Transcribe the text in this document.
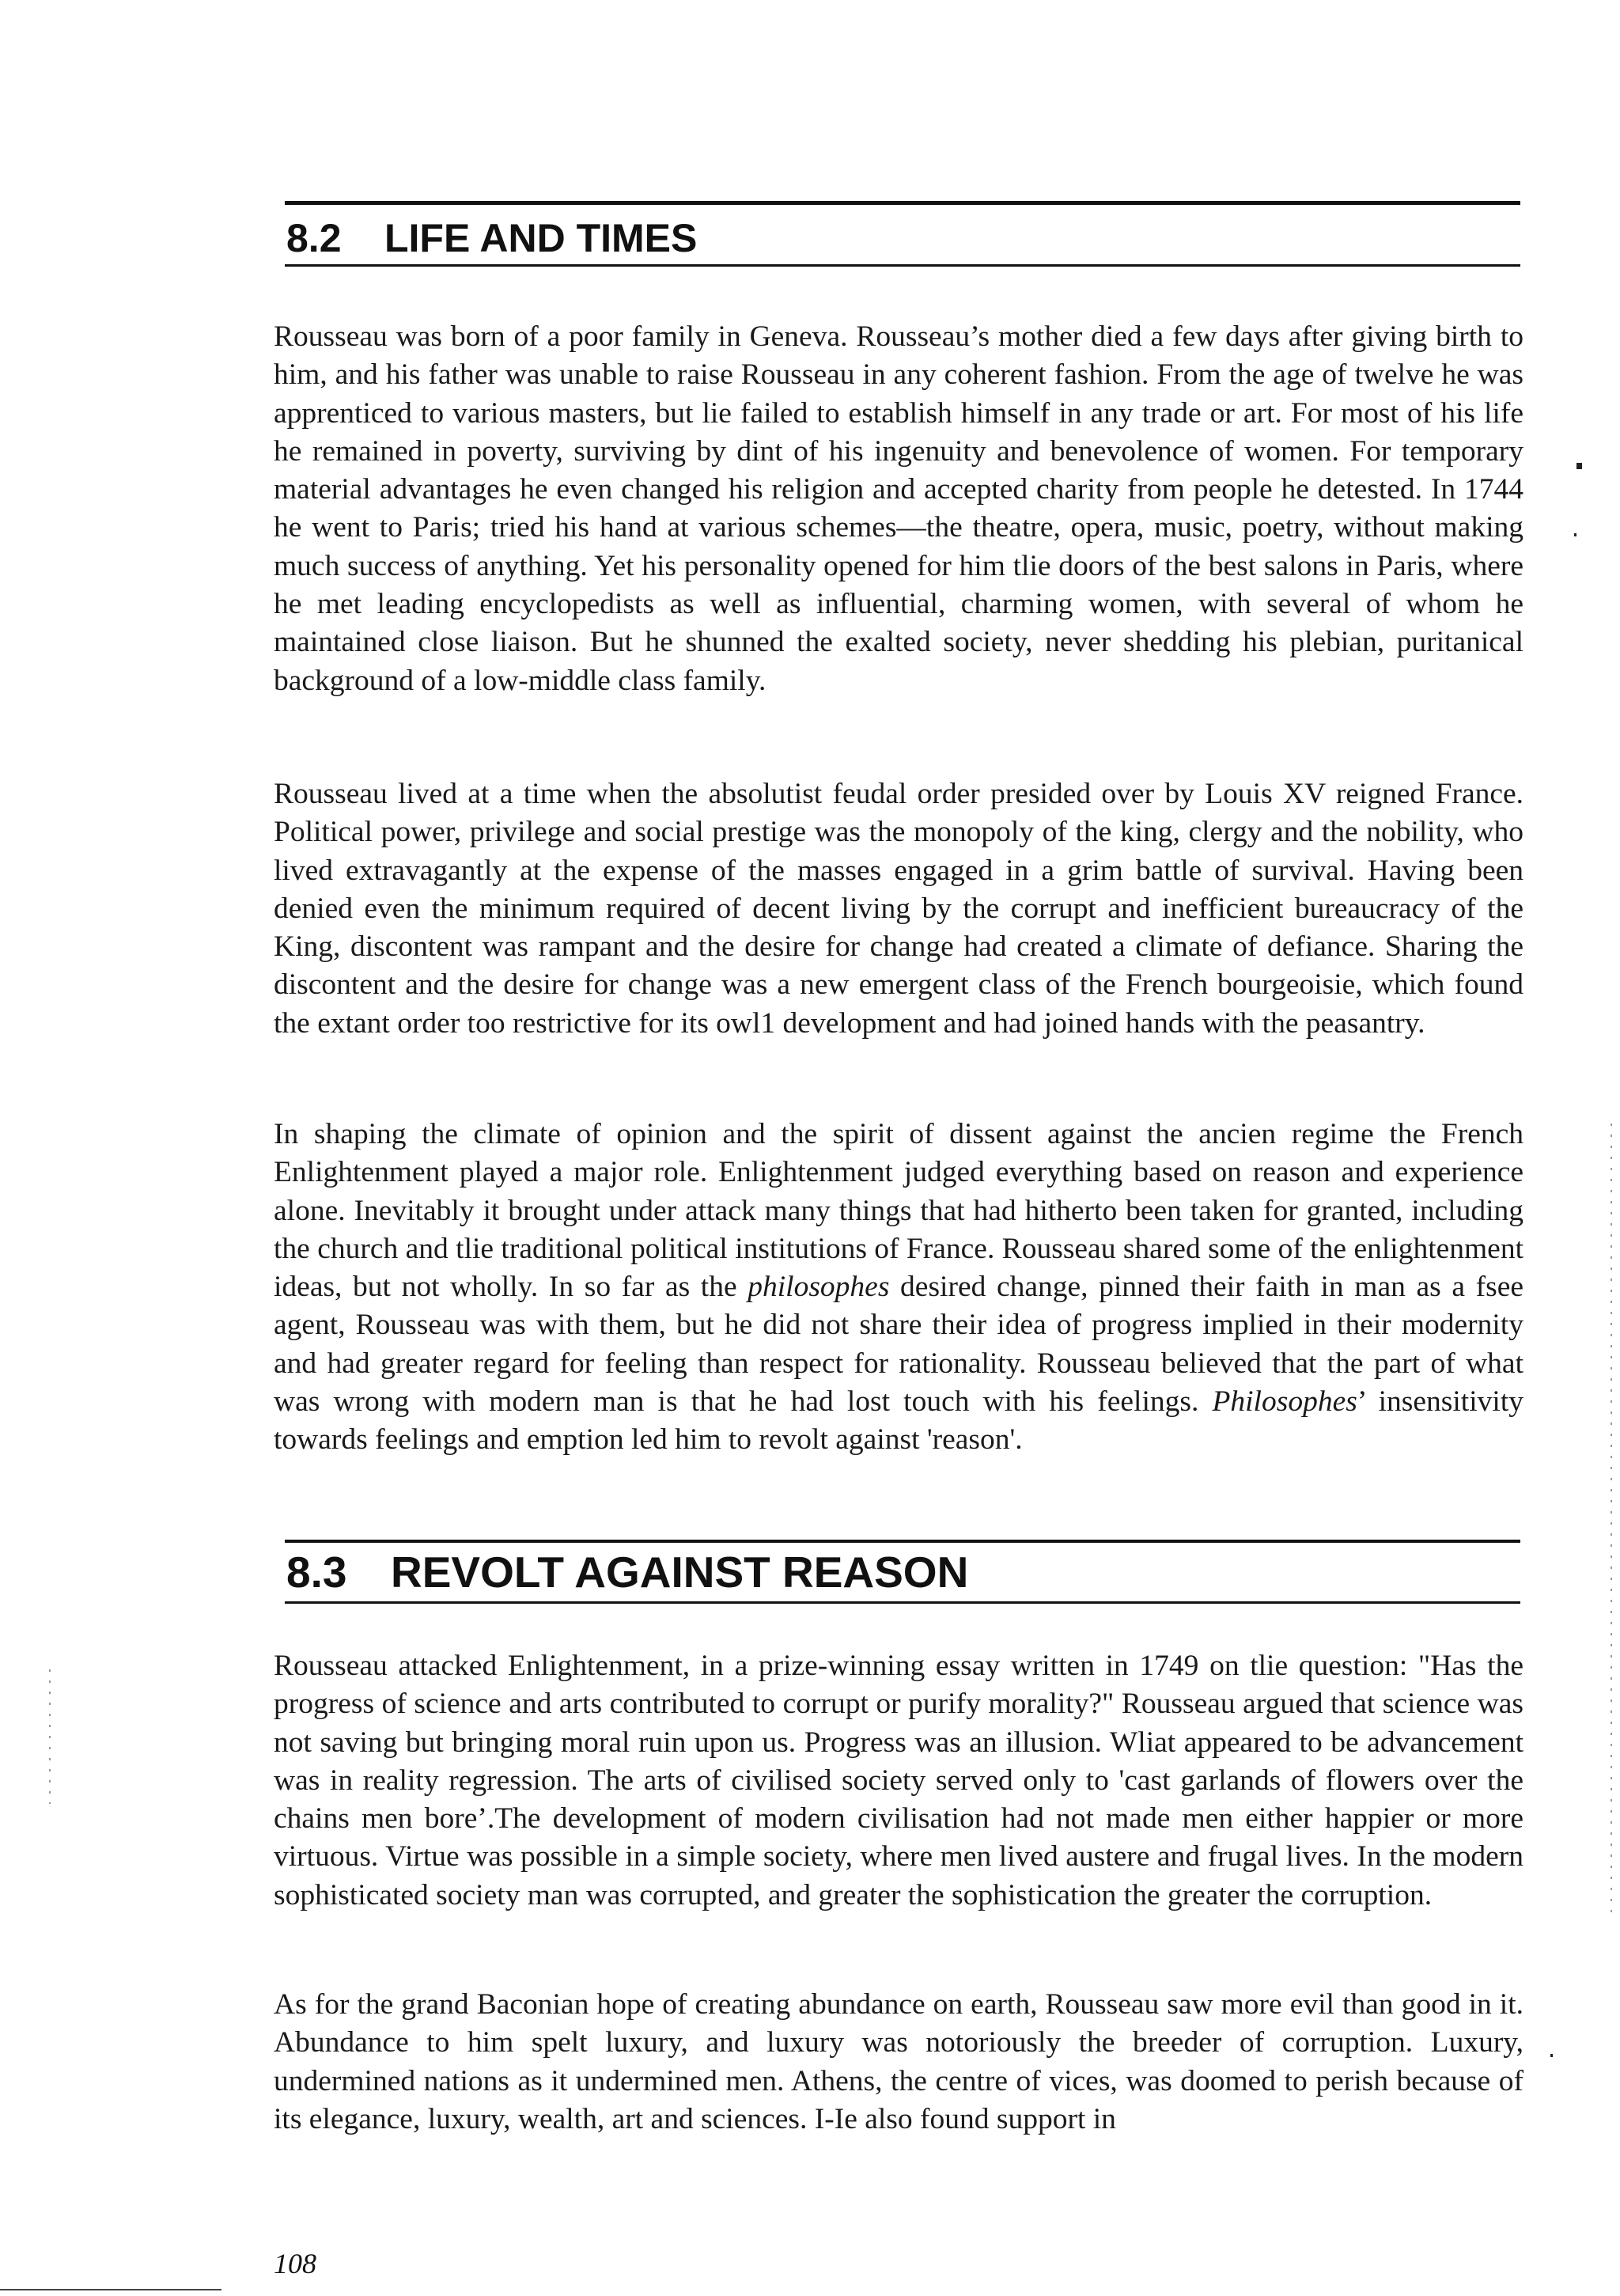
8.2 LIFE AND TIMES

Rousseau was born of a poor family in Geneva. Rousseau’s mother died a few days after giving birth to him, and his father was unable to raise Rousseau in any coherent fashion. From the age of twelve he was apprenticed to various masters, but lie failed to establish himself in any trade or art. For most of his life he remained in poverty, surviving by dint of his ingenuity and benevolence of women. For temporary material advantages he even changed his religion and accepted charity from people he detested. In 1744 he went to Paris; tried his hand at various schemes—the theatre, opera, music, poetry, without making much success of anything. Yet his personality opened for him tlie doors of the best salons in Paris, where he met leading encyclopedists as well as influential, charming women, with several of whom he maintained close liaison. But he shunned the exalted society, never shedding his plebian, puritanical background of a low-middle class family.

Rousseau lived at a time when the absolutist feudal order presided over by Louis XV reigned France. Political power, privilege and social prestige was the monopoly of the king, clergy and the nobility, who lived extravagantly at the expense of the masses engaged in a grim battle of survival. Having been denied even the minimum required of decent living by the corrupt and inefficient bureaucracy of the King, discontent was rampant and the desire for change had created a climate of defiance. Sharing the discontent and the desire for change was a new emergent class of the French bourgeoisie, which found the extant order too restrictive for its owl1 development and had joined hands with the peasantry.

In shaping the climate of opinion and the spirit of dissent against the ancien regime the French Enlightenment played a major role. Enlightenment judged everything based on reason and experience alone. Inevitably it brought under attack many things that had hitherto been taken for granted, including the church and tlie traditional political institutions of France. Rousseau shared some of the enlightenment ideas, but not wholly. In so far as the philosophes desired change, pinned their faith in man as a fsee agent, Rousseau was with them, but he did not share their idea of progress implied in their modernity and had greater regard for feeling than respect for rationality. Rousseau believed that the part of what was wrong with modern man is that he had lost touch with his feelings. Philosophes’ insensitivity towards feelings and emption led him to revolt against 'reason'.

8.3 REVOLT AGAINST REASON

Rousseau attacked Enlightenment, in a prize-winning essay written in 1749 on tlie question: "Has the progress of science and arts contributed to corrupt or purify morality?" Rousseau argued that science was not saving but bringing moral ruin upon us. Progress was an illusion. Wliat appeared to be advancement was in reality regression. The arts of civilised society served only to 'cast garlands of flowers over the chains men bore’.The development of modern civilisation had not made men either happier or more virtuous. Virtue was possible in a simple society, where men lived austere and frugal lives. In the modern sophisticated society man was corrupted, and greater the sophistication the greater the corruption.

As for the grand Baconian hope of creating abundance on earth, Rousseau saw more evil than good in it. Abundance to him spelt luxury, and luxury was notoriously the breeder of corruption. Luxury, undermined nations as it undermined men. Athens, the centre of vices, was doomed to perish because of its elegance, luxury, wealth, art and sciences. I-Ie also found support in

108
